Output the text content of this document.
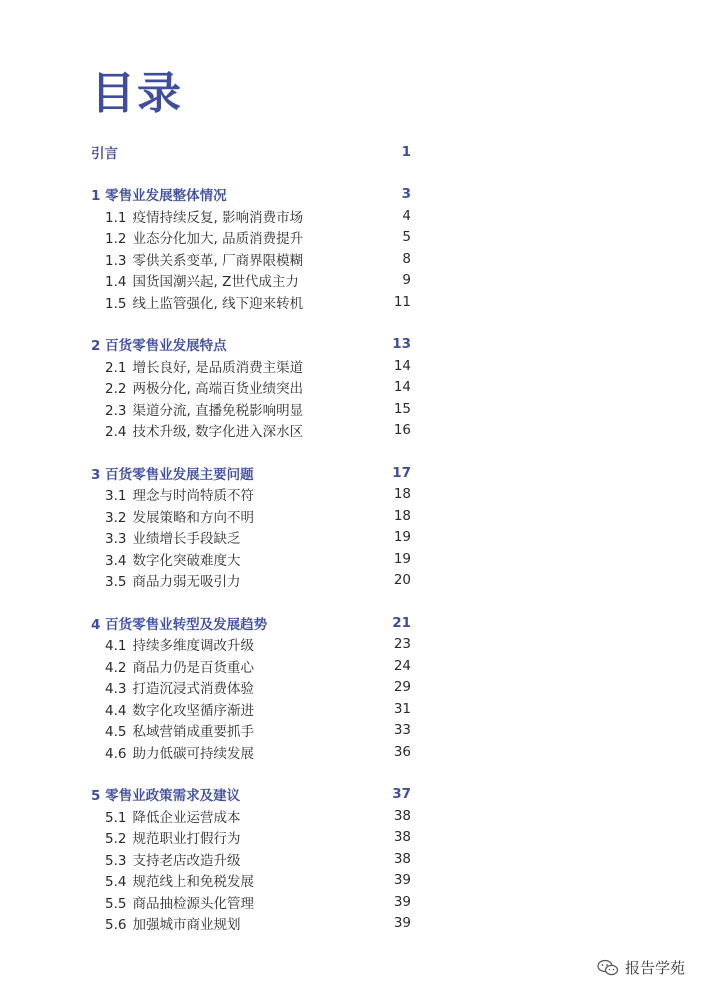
目录
引言	1
1 零售业发展整体情况	3
1.1 疫情持续反复, 影响消费市场	4
1.2 业态分化加大, 品质消费提升	5
1.3 零供关系变革, 厂商界限模糊	8
1.4 国货国潮兴起, Z世代成主力	9
1.5 线上监管强化, 线下迎来转机	11
2 百货零售业发展特点	13
2.1 增长良好, 是品质消费主渠道	14
2.2 两极分化, 高端百货业绩突出	14
2.3 渠道分流, 直播免税影响明显	15
2.4 技术升级, 数字化进入深水区	16
3 百货零售业发展主要问题	17
3.1 理念与时尚特质不符	18
3.2 发展策略和方向不明	18
3.3 业绩增长手段缺乏	19
3.4 数字化突破难度大	19
3.5 商品力弱无吸引力	20
4 百货零售业转型及发展趋势	21
4.1 持续多维度调改升级	23
4.2 商品力仍是百货重心	24
4.3 打造沉浸式消费体验	29
4.4 数字化攻坚循序渐进	31
4.5 私域营销成重要抓手	33
4.6 助力低碳可持续发展	36
5 零售业政策需求及建议	37
5.1 降低企业运营成本	38
5.2 规范职业打假行为	38
5.3 支持老店改造升级	38
5.4 规范线上和免税发展	39
5.5 商品抽检源头化管理	39
5.6 加强城市商业规划	39
报告学苑
